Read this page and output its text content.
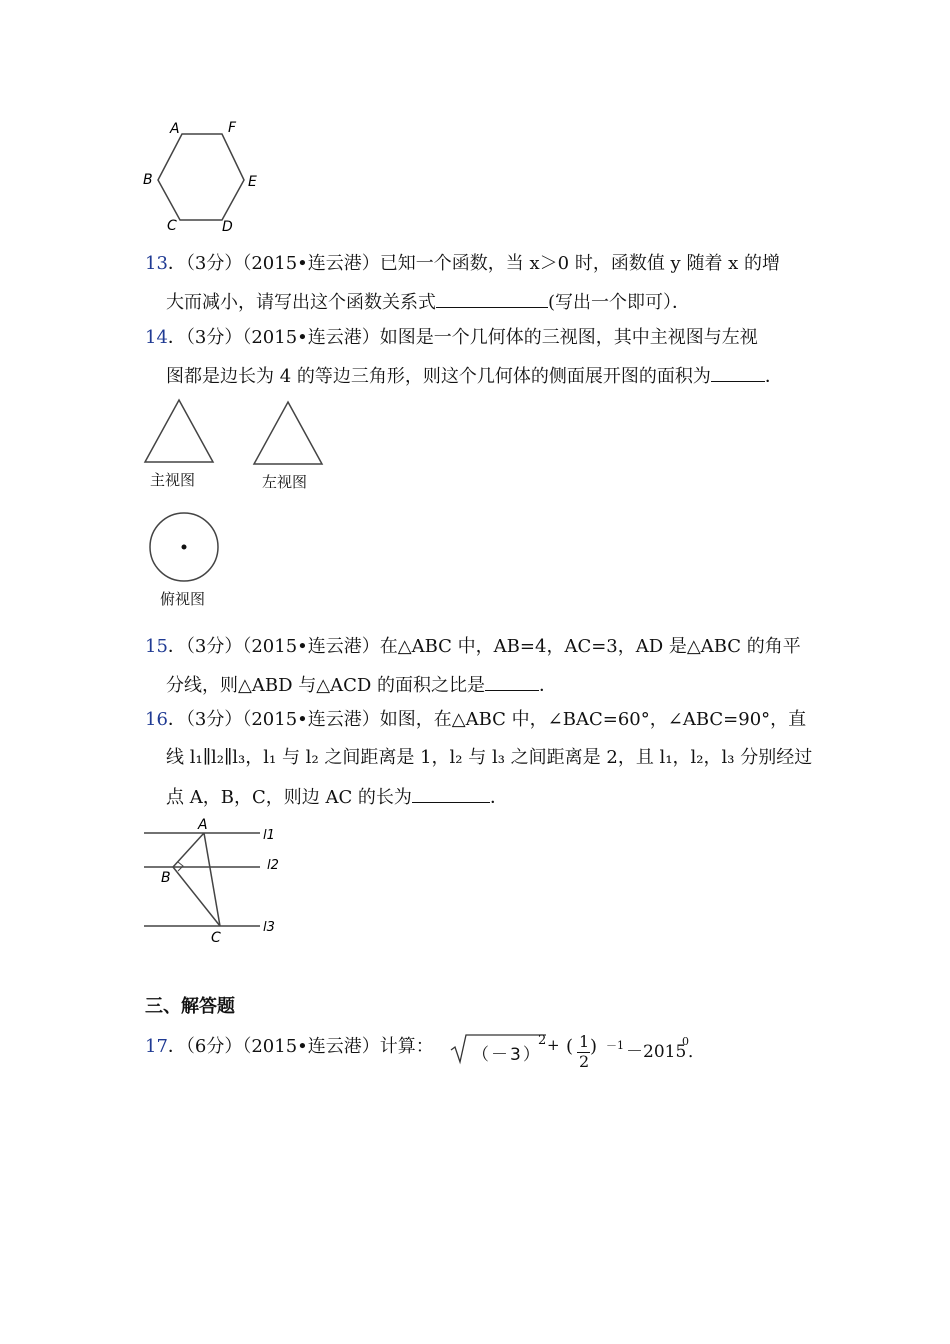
A	F
B	E
C	D
13．（3分）（2015•连云港）已知一个函数，当 x＞0 时，函数值 y 随着 x 的增
大而减小，请写出这个函数关系式	(写出一个即可）．
14．（3分）（2015•连云港）如图是一个几何体的三视图，其中主视图与左视
图都是边长为 4 的等边三角形，则这个几何体的侧面展开图的面积为	．
主视图	左视图
俯视图
15．（3分）（2015•连云港）在△ABC 中，AB=4，AC=3，AD 是△ABC 的角平
分线，则△ABD 与△ACD 的面积之比是	．
16．（3分）（2015•连云港）如图，在△ABC 中，∠BAC=60°，∠ABC=90°，直
线 l₁∥l₂∥l₃，l₁ 与 l₂ 之间距离是 1，l₂ 与 l₃ 之间距离是 2，且 l₁，l₂，l₃ 分别经过
点 A，B，C，则边 AC 的长为	．
A
B
C
l1
l2
l3
三、解答题
17．（6分）（2015•连云港）计算： （－3）
2 + ( 1
2
) －1 －2015
0
．
